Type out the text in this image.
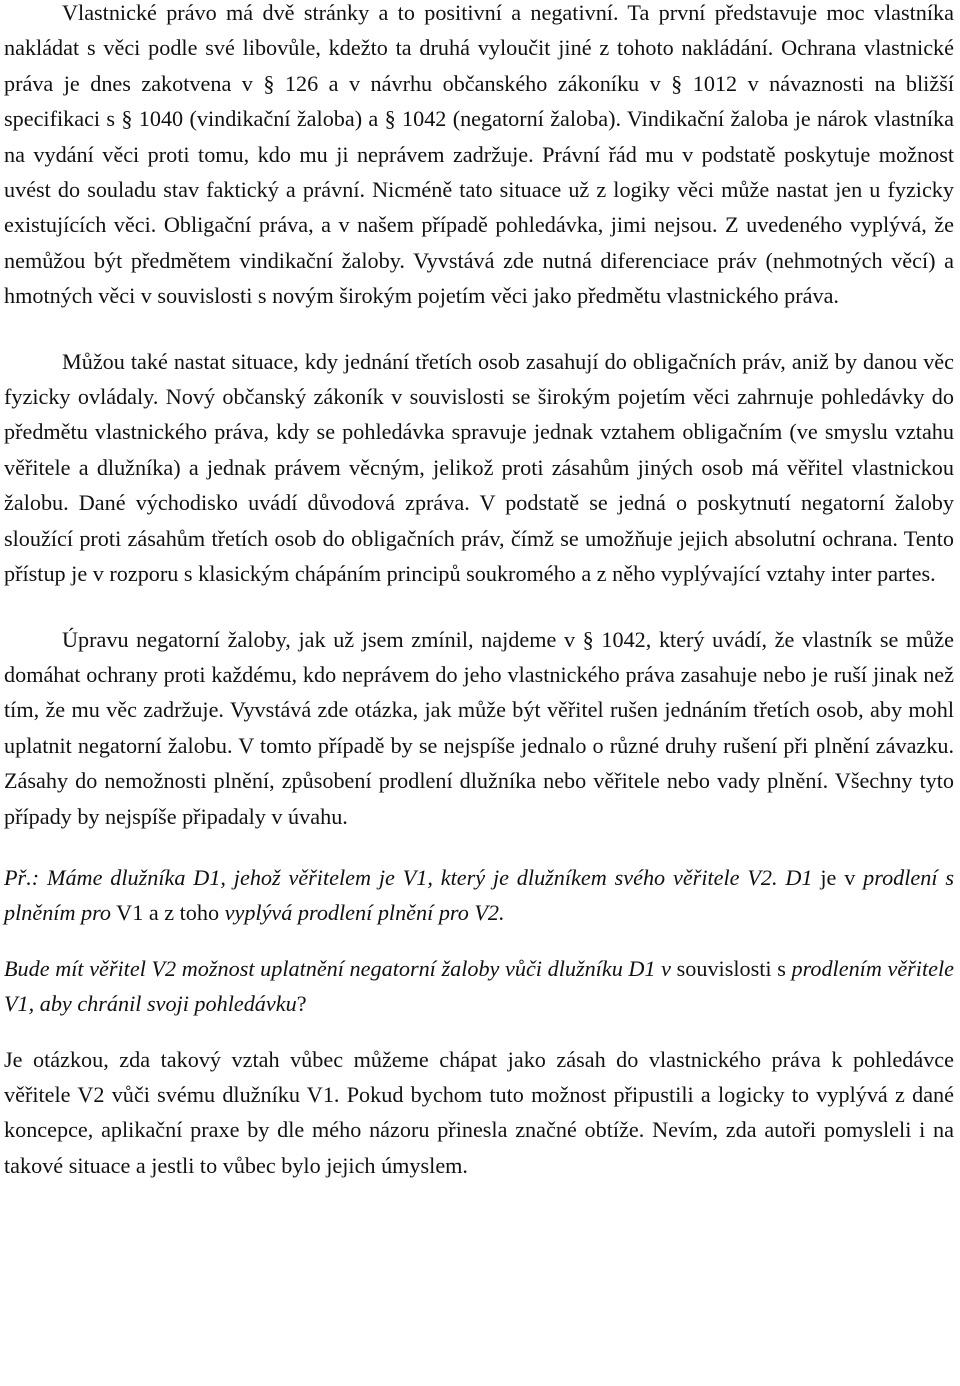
Vlastnické právo má dvě stránky a to positivní a negativní. Ta první představuje moc vlastníka nakládat s věci podle své libovůle, kdežto ta druhá vyloučit jiné z tohoto nakládání. Ochrana vlastnické práva je dnes zakotvena v § 126 a v návrhu občanského zákoníku v § 1012 v návaznosti na bližší specifikaci s § 1040 (vindikační žaloba) a § 1042 (negatorní žaloba). Vindikační žaloba je nárok vlastníka na vydání věci proti tomu, kdo mu ji neprávem zadržuje. Právní řád mu v podstatě poskytuje možnost uvést do souladu stav faktický a právní. Nicméně tato situace už z logiky věci může nastat jen u fyzicky existujících věci. Obligační práva, a v našem případě pohledávka, jimi nejsou. Z uvedeného vyplývá, že nemůžou být předmětem vindikační žaloby. Vyvstává zde nutná diferenciace práv (nehmotných věcí) a hmotných věci v souvislosti s novým širokým pojetím věci jako předmětu vlastnického práva.

Můžou také nastat situace, kdy jednání třetích osob zasahují do obligačních práv, aniž by danou věc fyzicky ovládaly. Nový občanský zákoník v souvislosti se širokým pojetím věci zahrnuje pohledávky do předmětu vlastnického práva, kdy se pohledávka spravuje jednak vztahem obligačním (ve smyslu vztahu věřitele a dlužníka) a jednak právem věcným, jelikož proti zásahům jiných osob má věřitel vlastnickou žalobu. Dané východisko uvádí důvodová zpráva. V podstatě se jedná o poskytnutí negatorní žaloby sloužící proti zásahům třetích osob do obligačních práv, čímž se umožňuje jejich absolutní ochrana. Tento přístup je v rozporu s klasickým chápáním principů soukromého a z něho vyplývající vztahy inter partes.

Úpravu negatorní žaloby, jak už jsem zmínil, najdeme v § 1042, který uvádí, že vlastník se může domáhat ochrany proti každému, kdo neprávem do jeho vlastnického práva zasahuje nebo je ruší jinak než tím, že mu věc zadržuje. Vyvstává zde otázka, jak může být věřitel rušen jednáním třetích osob, aby mohl uplatnit negatorní žalobu. V tomto případě by se nejspíše jednalo o různé druhy rušení při plnění závazku. Zásahy do nemožnosti plnění, způsobení prodlení dlužníka nebo věřitele nebo vady plnění. Všechny tyto případy by nejspíše připadaly v úvahu.

Př.: Máme dlužníka D1, jehož věřitelem je V1, který je dlužníkem svého věřitele V2. D1 je v prodlení s plněním pro V1 a z toho vyplývá prodlení plnění pro V2.

Bude mít věřitel V2 možnost uplatnění negatorní žaloby vůči dlužníku D1 v souvislosti s prodlením věřitele V1, aby chránil svoji pohledávku?

Je otázkou, zda takový vztah vůbec můžeme chápat jako zásah do vlastnického práva k pohledávce věřitele V2 vůči svému dlužníku V1. Pokud bychom tuto možnost připustili a logicky to vyplývá z dané koncepce, aplikační praxe by dle mého názoru přinesla značné obtíže. Nevím, zda autoři pomysleli i na takové situace a jestli to vůbec bylo jejich úmyslem.
